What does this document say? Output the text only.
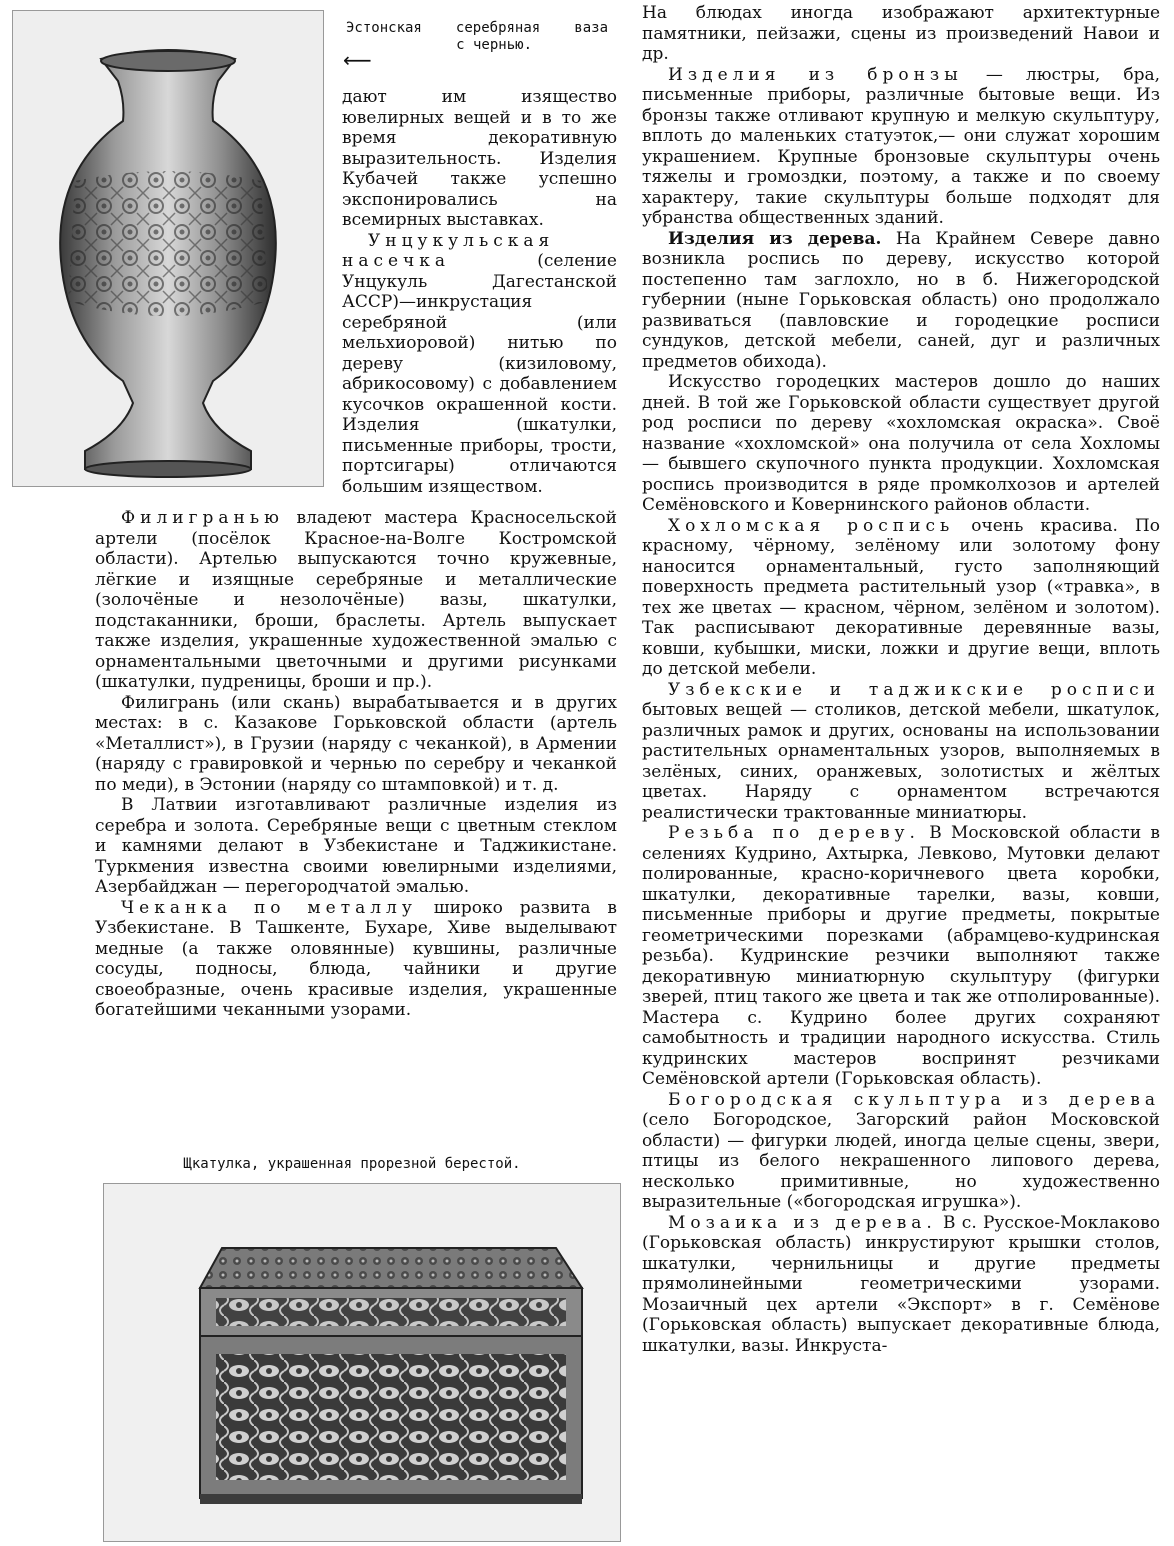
Эстонская серебряная ваза
с чернью.
⟵

дают им изящество ювелирных вещей и в то же время декоративную выразительность. Изделия Кубачей также успешно экспонировались на всемирных выставках.

Унцукульская насечка (селение Унцукуль Дагестанской АССР)—инкрустация серебряной (или мельхиоровой) нитью по дереву (кизиловому, абрикосовому) с добавлением кусочков окрашенной кости. Изделия (шкатулки, письменные приборы, трости, портсигары) отличаются большим изяществом.

Филигранью владеют мастера Красносельской артели (посёлок Красное-на-Волге Костромской области). Артелью выпускаются точно кружевные, лёгкие и изящные серебряные и металлические (золочёные и незолочёные) вазы, шкатулки, подстаканники, броши, браслеты. Артель выпускает также изделия, украшенные художественной эмалью с орнаментальными цветочными и другими рисунками (шкатулки, пудреницы, броши и пр.).

Филигрань (или скань) вырабатывается и в других местах: в с. Казакове Горьковской области (артель «Металлист»), в Грузии (наряду с чеканкой), в Армении (наряду с гравировкой и чернью по серебру и чеканкой по меди), в Эстонии (наряду со штамповкой) и т. д.

В Латвии изготавливают различные изделия из серебра и золота. Серебряные вещи с цветным стеклом и камнями делают в Узбекистане и Таджикистане. Туркмения известна своими ювелирными изделиями, Азербайджан — перегородчатой эмалью.

Чеканка по металлу широко развита в Узбекистане. В Ташкенте, Бухаре, Хиве выделывают медные (а также оловянные) кувшины, различные сосуды, подносы, блюда, чайники и другие своеобразные, очень красивые изделия, украшенные богатейшими чеканными узорами.

Щкатулка, украшенная прорезной берестой.

На блюдах иногда изображают архитектурные памятники, пейзажи, сцены из произведений Навои и др.

Изделия из бронзы — люстры, бра, письменные приборы, различные бытовые вещи. Из бронзы также отливают крупную и мелкую скульптуру, вплоть до маленьких статуэток,— они служат хорошим украшением. Крупные бронзовые скульптуры очень тяжелы и громоздки, поэтому, а также и по своему характеру, такие скульптуры больше подходят для убранства общественных зданий.

Изделия из дерева. На Крайнем Севере давно возникла роспись по дереву, искусство которой постепенно там заглохло, но в б. Нижегородской губернии (ныне Горьковская область) оно продолжало развиваться (павловские и городецкие росписи сундуков, детской мебели, саней, дуг и различных предметов обихода).

Искусство городецких мастеров дошло до наших дней. В той же Горьковской области существует другой род росписи по дереву «хохломская окраска». Своё название «хохломской» она получила от села Хохломы — бывшего скупочного пункта продукции. Хохломская роспись производится в ряде промколхозов и артелей Семёновского и Ковернинского районов области.

Хохломская роспись очень красива. По красному, чёрному, зелёному или золотому фону наносится орнаментальный, густо заполняющий поверхность предмета растительный узор («травка», в тех же цветах — красном, чёрном, зелёном и золотом). Так расписывают декоративные деревянные вазы, ковши, кубышки, миски, ложки и другие вещи, вплоть до детской мебели.

Узбекские и таджикские росписи бытовых вещей — столиков, детской мебели, шкатулок, различных рамок и других, основаны на использовании растительных орнаментальных узоров, выполняемых в зелёных, синих, оранжевых, золотистых и жёлтых цветах. Наряду с орнаментом встречаются реалистически трактованные миниатюры.

Резьба по дереву. В Московской области в селениях Кудрино, Ахтырка, Левково, Мутовки делают полированные, красно-коричневого цвета коробки, шкатулки, декоративные тарелки, вазы, ковши, письменные приборы и другие предметы, покрытые геометрическими порезками (абрамцево-кудринская резьба). Кудринские резчики выполняют также декоративную миниатюрную скульптуру (фигурки зверей, птиц такого же цвета и так же отполированные). Мастера с. Кудрино более других сохраняют самобытность и традиции народного искусства. Стиль кудринских мастеров воспринят резчиками Семёновской артели (Горьковская область).

Богородская скульптура из дерева (село Богородское, Загорский район Московской области) — фигурки людей, иногда целые сцены, звери, птицы из белого некрашенного липового дерева, несколько примитивные, но художественно выразительные («богородская игрушка»).

Мозаика из дерева. В с. Русское-Моклаково (Горьковская область) инкрустируют крышки столов, шкатулки, чернильницы и другие предметы прямолинейными геометрическими узорами. Мозаичный цех артели «Экспорт» в г. Семёнове (Горьковская область) выпускает декоративные блюда, шкатулки, вазы. Инкруста-
